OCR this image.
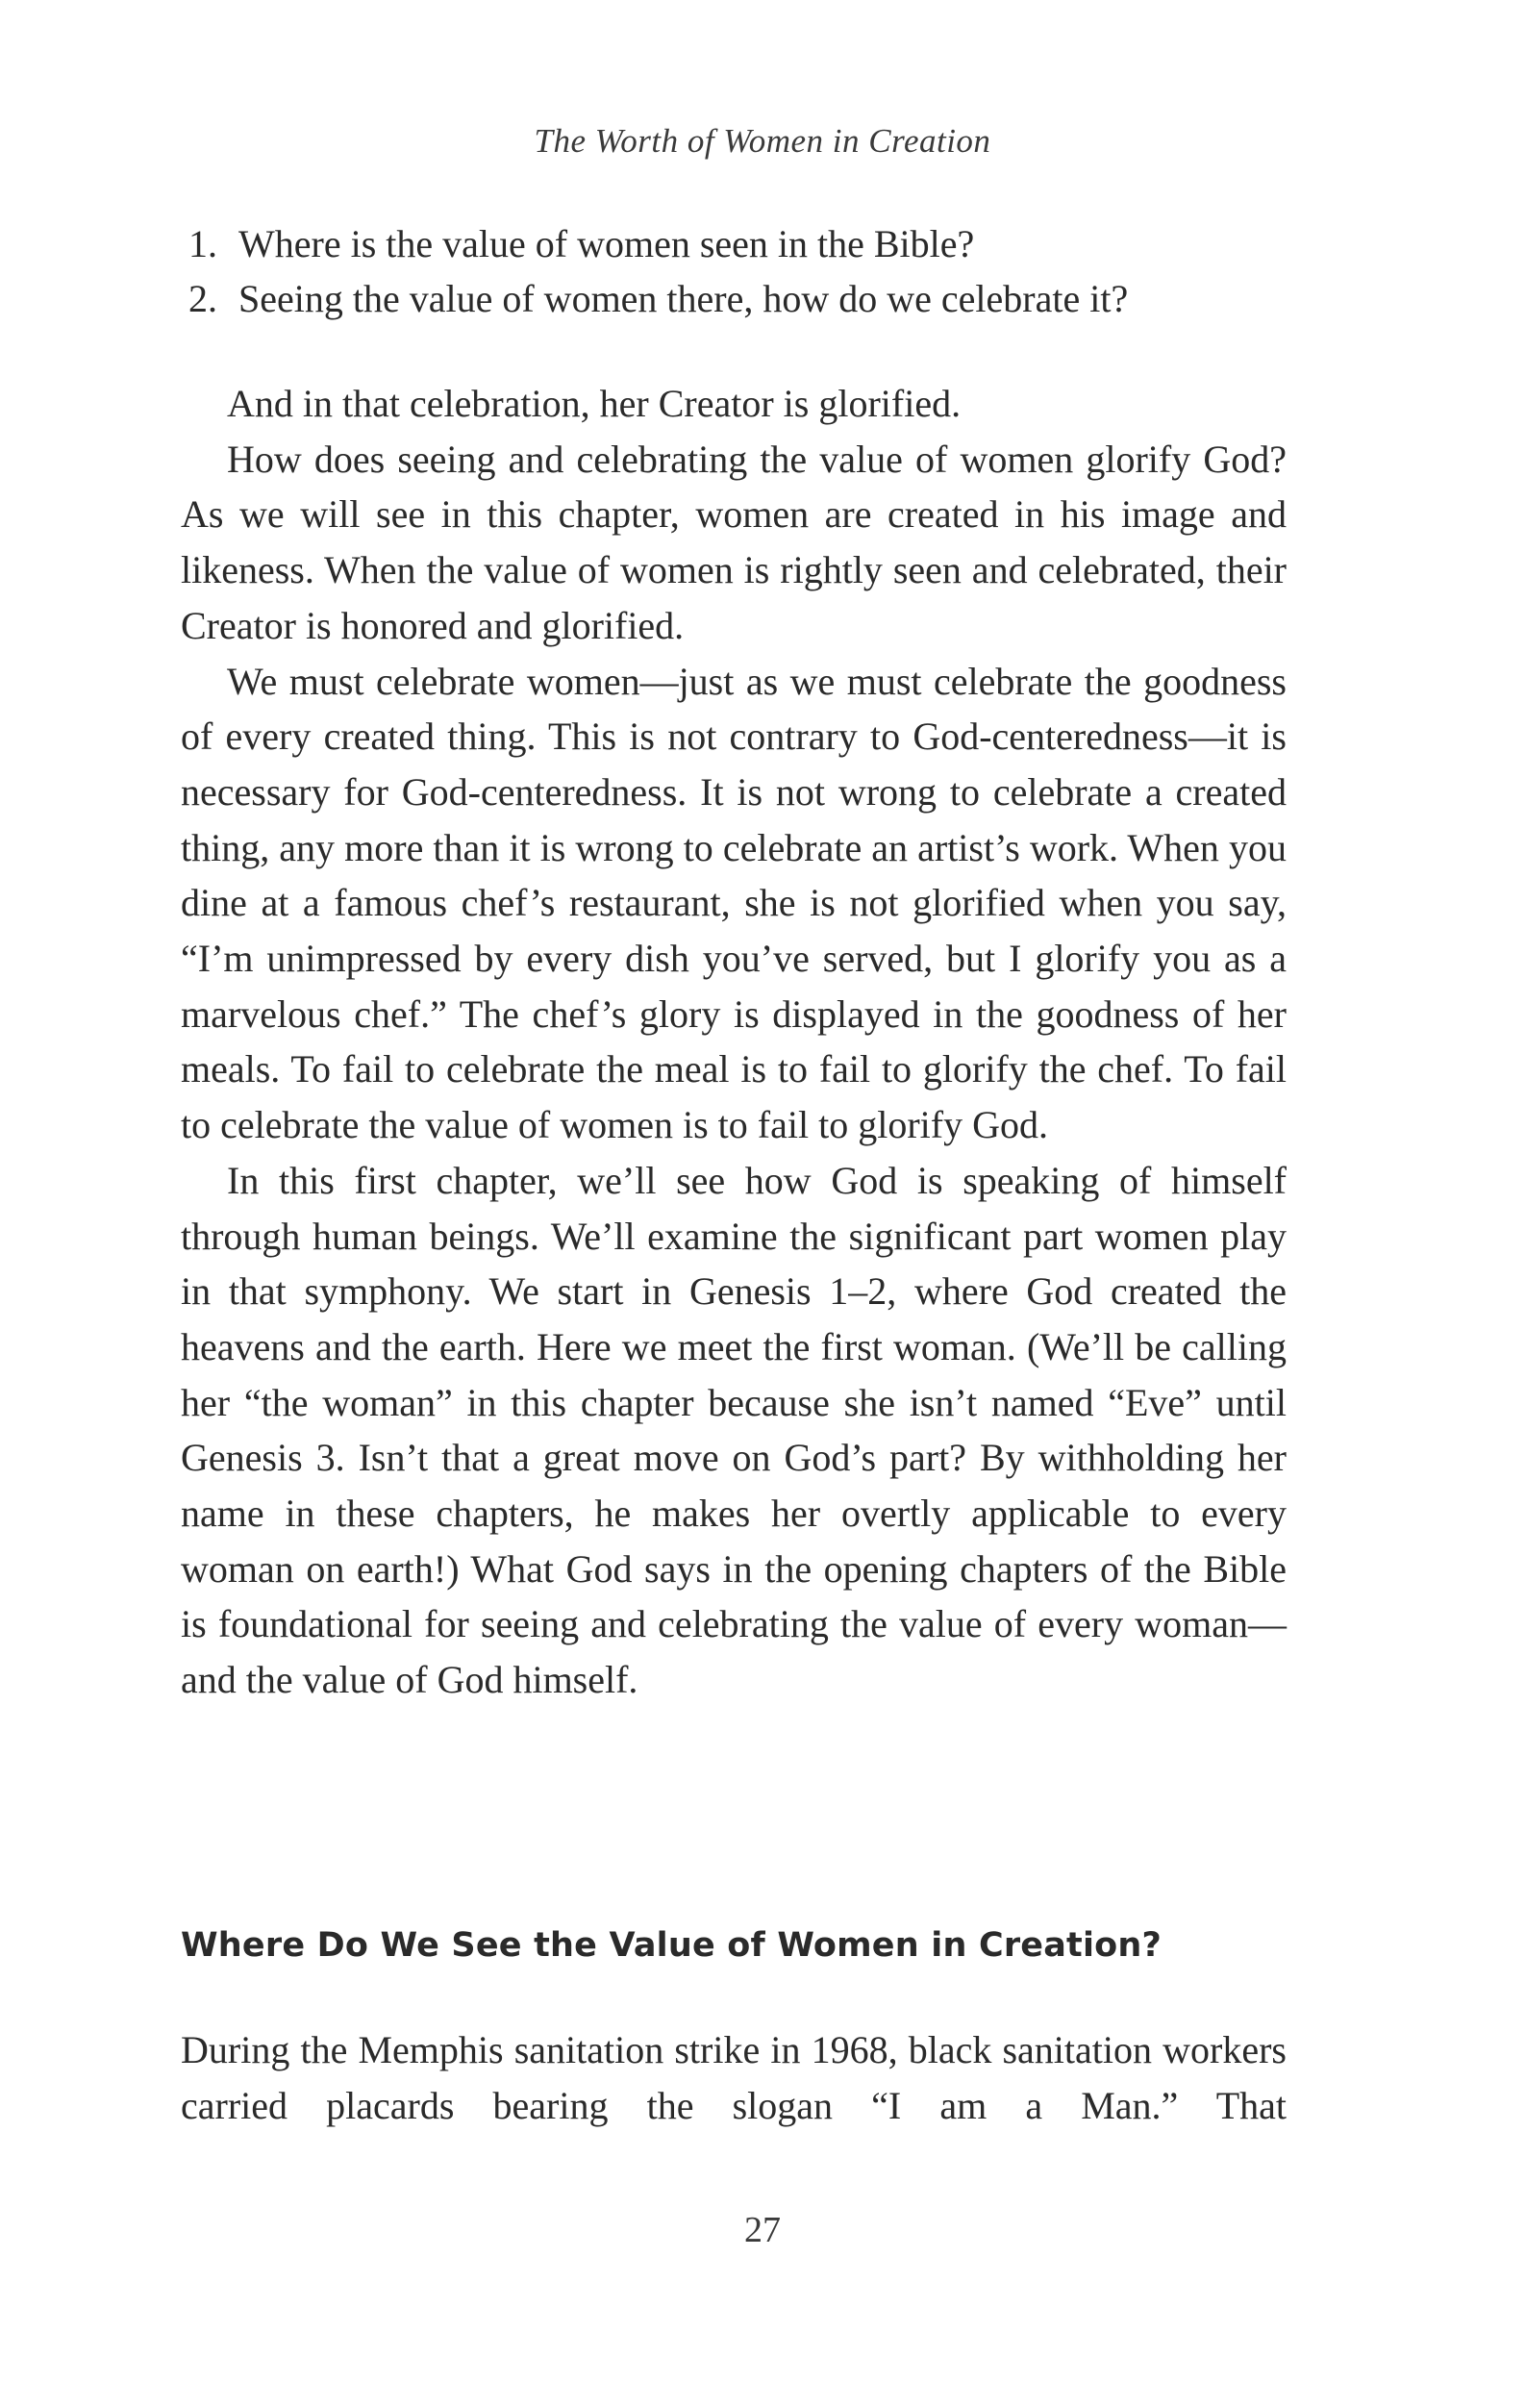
The Worth of Women in Creation
1. Where is the value of women seen in the Bible?
2. Seeing the value of women there, how do we celebrate it?

And in that celebration, her Creator is glorified.

How does seeing and celebrating the value of women glorify God? As we will see in this chapter, women are created in his image and likeness. When the value of women is rightly seen and celebrated, their Creator is honored and glorified.

We must celebrate women—just as we must celebrate the goodness of every created thing. This is not contrary to God-centeredness—it is necessary for God-centeredness. It is not wrong to celebrate a created thing, any more than it is wrong to celebrate an artist’s work. When you dine at a famous chef’s restaurant, she is not glorified when you say, “I’m unimpressed by every dish you’ve served, but I glorify you as a marvelous chef.” The chef’s glory is displayed in the goodness of her meals. To fail to celebrate the meal is to fail to glorify the chef. To fail to celebrate the value of women is to fail to glorify God.

In this first chapter, we’ll see how God is speaking of himself through human beings. We’ll examine the significant part women play in that symphony. We start in Genesis 1–2, where God created the heavens and the earth. Here we meet the first woman. (We’ll be calling her “the woman” in this chapter because she isn’t named “Eve” until Genesis 3. Isn’t that a great move on God’s part? By withholding her name in these chapters, he makes her overtly applicable to every woman on earth!) What God says in the opening chapters of the Bible is foundational for seeing and celebrating the value of every woman—and the value of God himself.

Where Do We See the Value of Women in Creation?

During the Memphis sanitation strike in 1968, black sanitation workers carried placards bearing the slogan “I am a Man.” That

27
